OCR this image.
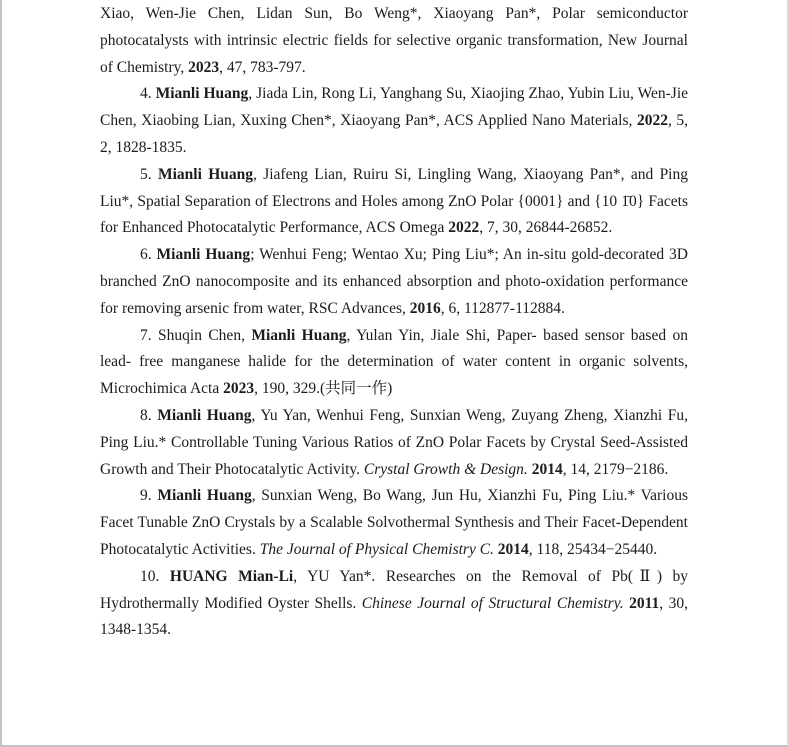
Xiao, Wen-Jie Chen, Lidan Sun, Bo Weng*, Xiaoyang Pan*, Polar semiconductor photocatalysts with intrinsic electric fields for selective organic transformation, New Journal of Chemistry, 2023, 47, 783-797.

4. Mianli Huang, Jiada Lin, Rong Li, Yanghang Su, Xiaojing Zhao, Yubin Liu, Wen-Jie Chen, Xiaobing Lian, Xuxing Chen*, Xiaoyang Pan*, ACS Applied Nano Materials, 2022, 5, 2, 1828-1835.

5. Mianli Huang, Jiafeng Lian, Ruiru Si, Lingling Wang, Xiaoyang Pan*, and Ping Liu*, Spatial Separation of Electrons and Holes among ZnO Polar {0001} and {10 1̄0} Facets for Enhanced Photocatalytic Performance, ACS Omega 2022, 7, 30, 26844-26852.

6. Mianli Huang; Wenhui Feng; Wentao Xu; Ping Liu*; An in-situ gold-decorated 3D branched ZnO nanocomposite and its enhanced absorption and photo-oxidation performance for removing arsenic from water, RSC Advances, 2016, 6, 112877-112884.

7. Shuqin Chen, Mianli Huang, Yulan Yin, Jiale Shi, Paper- based sensor based on lead- free manganese halide for the determination of water content in organic solvents, Microchimica Acta 2023, 190, 329.(共同一作)

8. Mianli Huang, Yu Yan, Wenhui Feng, Sunxian Weng, Zuyang Zheng, Xianzhi Fu, Ping Liu.* Controllable Tuning Various Ratios of ZnO Polar Facets by Crystal Seed-Assisted Growth and Their Photocatalytic Activity. Crystal Growth & Design. 2014, 14, 2179−2186.

9. Mianli Huang, Sunxian Weng, Bo Wang, Jun Hu, Xianzhi Fu, Ping Liu.* Various Facet Tunable ZnO Crystals by a Scalable Solvothermal Synthesis and Their Facet-Dependent Photocatalytic Activities. The Journal of Physical Chemistry C. 2014, 118, 25434−25440.

10. HUANG Mian-Li, YU Yan*. Researches on the Removal of Pb(Ⅱ) by Hydrothermally Modified Oyster Shells. Chinese Journal of Structural Chemistry. 2011, 30, 1348-1354.
